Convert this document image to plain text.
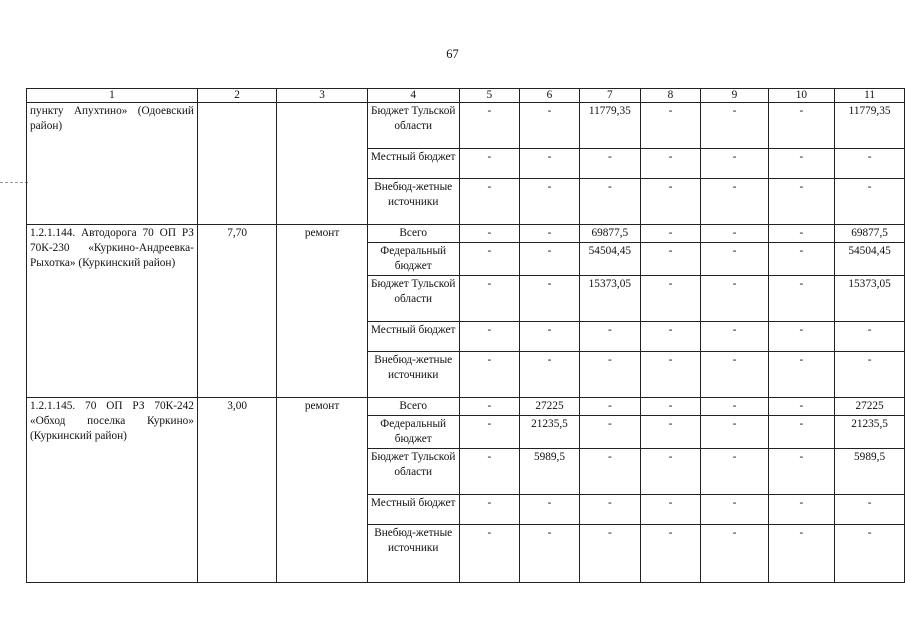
67
1	2	3	4	5	6	7	8	9	10	11
пункту Апухтино» (Одоевский район)			Бюджет Тульской области	-	-	11779,35	-	-	-	11779,35
			Местный бюджет	-	-	-	-	-	-	-
			Внебюд-жетные источники	-	-	-	-	-	-	-
1.2.1.144. Автодорога 70 ОП РЗ 70К-230 «Куркино-Андреевка-Рыхотка» (Куркинский район)	7,70	ремонт	Всего	-	-	69877,5	-	-	-	69877,5
			Федеральный бюджет	-	-	54504,45	-	-	-	54504,45
			Бюджет Тульской области	-	-	15373,05	-	-	-	15373,05
			Местный бюджет	-	-	-	-	-	-	-
			Внебюд-жетные источники	-	-	-	-	-	-	-
1.2.1.145. 70 ОП РЗ 70К-242 «Обход поселка Куркино» (Куркинский район)	3,00	ремонт	Всего	-	27225	-	-	-	-	27225
			Федеральный бюджет	-	21235,5	-	-	-	-	21235,5
			Бюджет Тульской области	-	5989,5	-	-	-	-	5989,5
			Местный бюджет	-	-	-	-	-	-	-
			Внебюд-жетные источники	-	-	-	-	-	-	-
